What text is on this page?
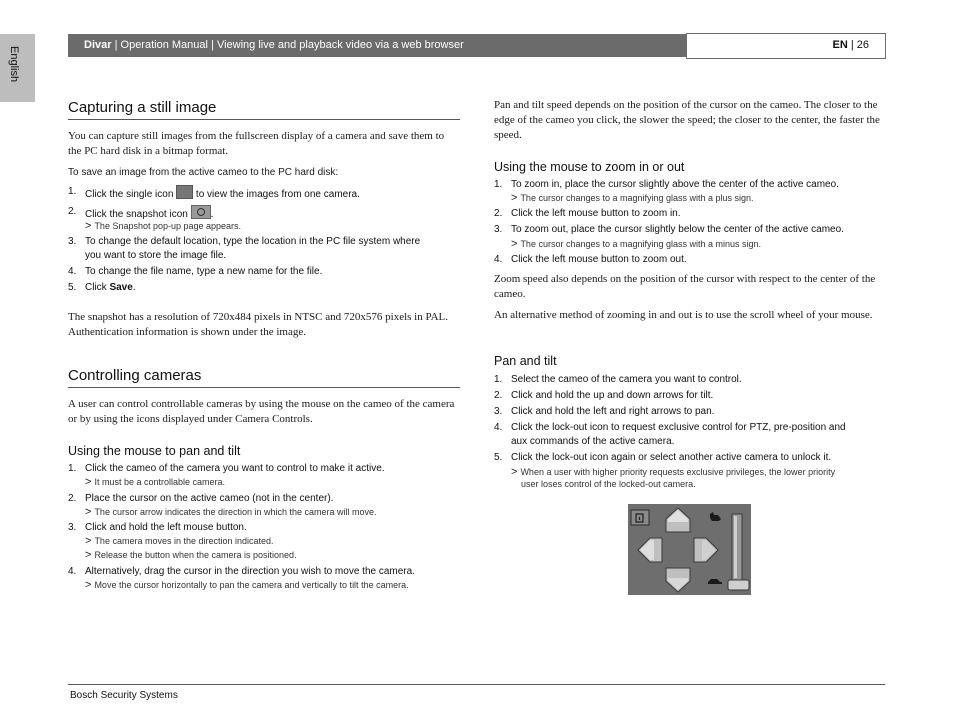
English
Divar | Operation Manual | Viewing live and playback video via a web browser	EN | 26
Capturing a still image
You can capture still images from the fullscreen display of a camera and save them to the PC hard disk in a bitmap format.
To save an image from the active cameo to the PC hard disk:
1. Click the single icon  to view the images from one camera.
2. Click the snapshot icon
.
> The Snapshot pop-up page appears.
3. To change the default location, type the location in the PC file system where
you want to store the image file.
4. To change the file name, type a new name for the file.
5. Click Save.
The snapshot has a resolution of 720x484 pixels in NTSC and 720x576 pixels in PAL. Authentication information is shown under the image.
Controlling cameras
A user can control controllable cameras by using the mouse on the cameo of the camera or by using the icons displayed under Camera Controls.
Using the mouse to pan and tilt
1. Click the cameo of the camera you want to control to make it active.
> It must be a controllable camera.
2. Place the cursor on the active cameo (not in the center).
> The cursor arrow indicates the direction in which the camera will move.
3. Click and hold the left mouse button.
> The camera moves in the direction indicated.
> Release the button when the camera is positioned.
4. Alternatively, drag the cursor in the direction you wish to move the camera.
> Move the cursor horizontally to pan the camera and vertically to tilt the camera.
Pan and tilt speed depends on the position of the cursor on the cameo. The closer to the edge of the cameo you click, the slower the speed; the closer to the center, the faster the speed.
Using the mouse to zoom in or out
1. To zoom in, place the cursor slightly above the center of the active cameo.
> The cursor changes to a magnifying glass with a plus sign.
2. Click the left mouse button to zoom in.
3. To zoom out, place the cursor slightly below the center of the active cameo.
> The cursor changes to a magnifying glass with a minus sign.
4. Click the left mouse button to zoom out.
Zoom speed also depends on the position of the cursor with respect to the center of the cameo.
An alternative method of zooming in and out is to use the scroll wheel of your mouse.
Pan and tilt
1. Select the cameo of the camera you want to control.
2. Click and hold the up and down arrows for tilt.
3. Click and hold the left and right arrows to pan.
4. Click the lock-out icon to request exclusive control for PTZ, pre-position and
aux commands of the active camera.
5. Click the lock-out icon again or select another active camera to unlock it.
> When a user with higher priority requests exclusive privileges, the lower priority
user loses control of the locked-out camera.
Bosch Security Systems
